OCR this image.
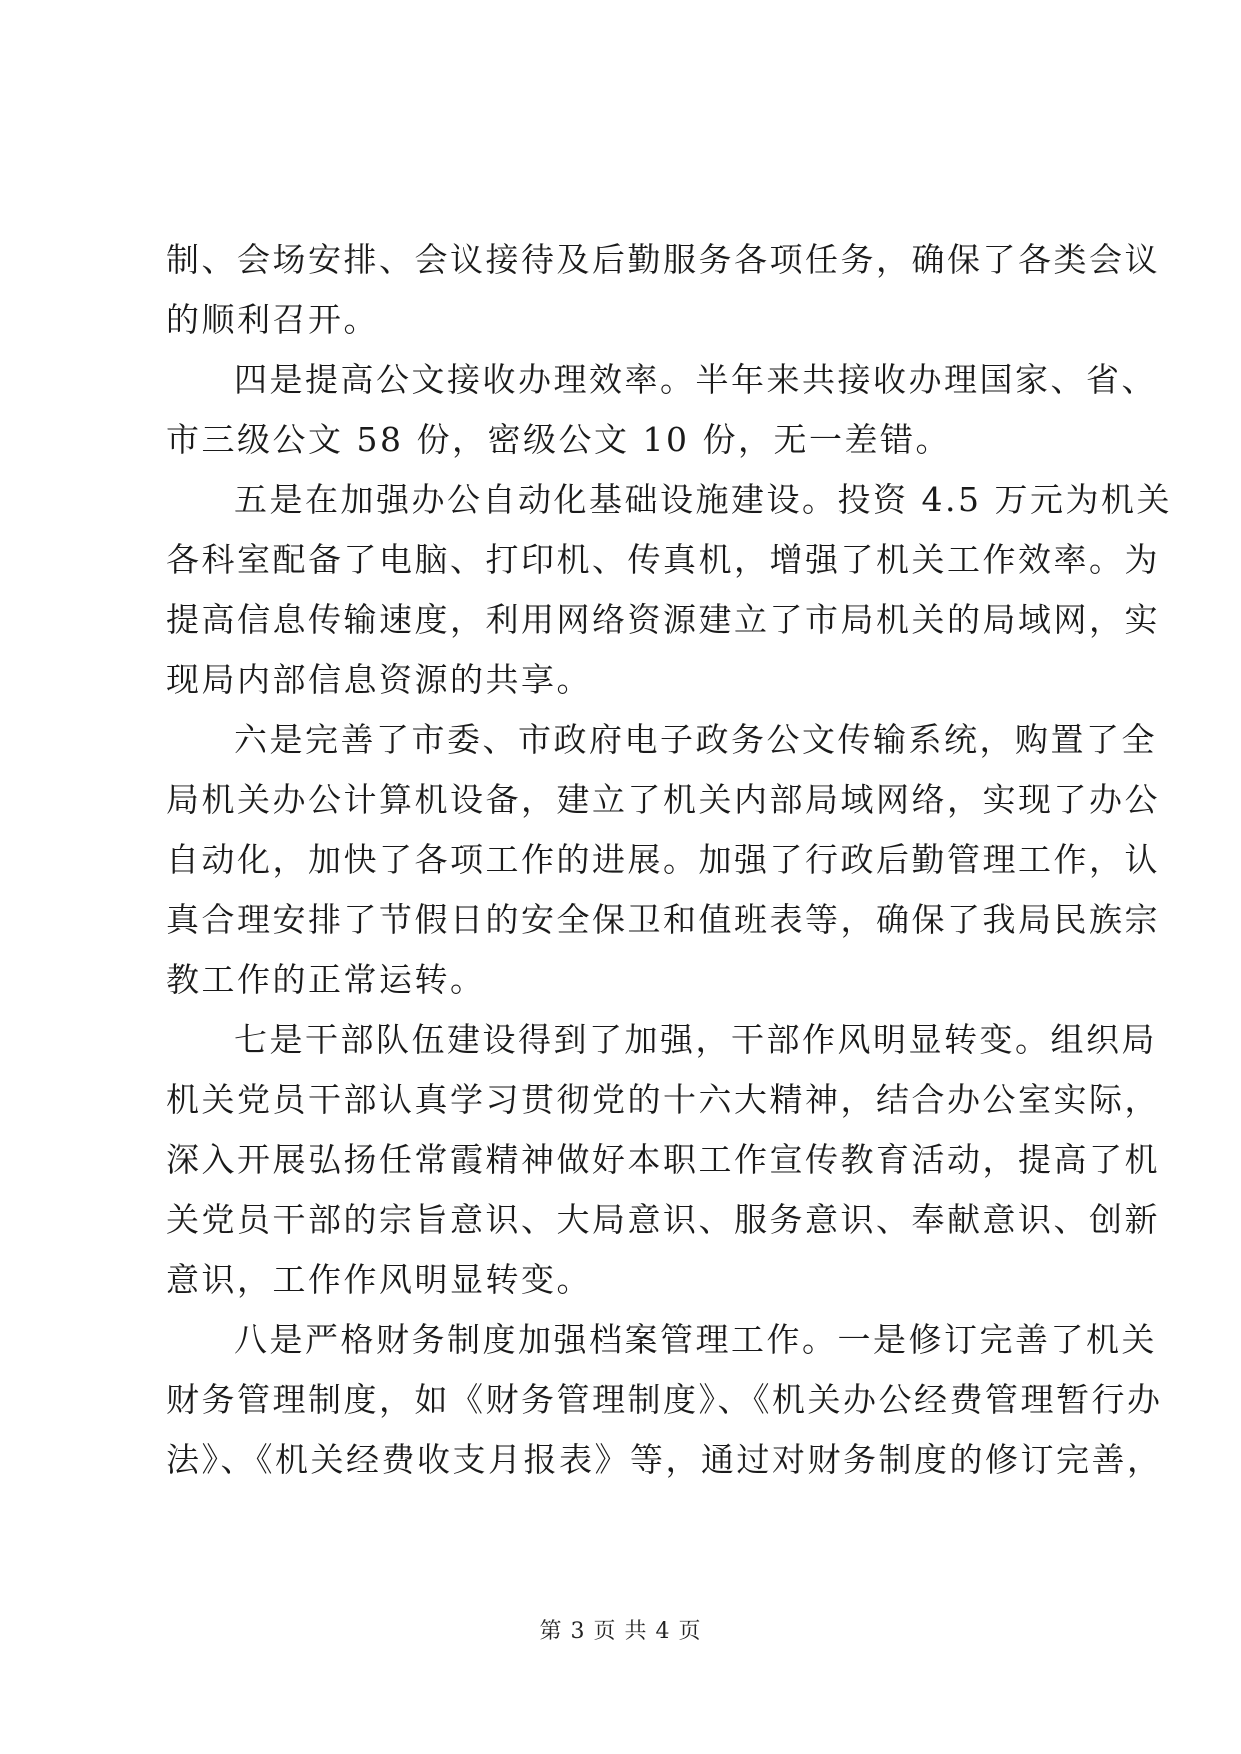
制、会场安排、会议接待及后勤服务各项任务，确保了各类会议
的顺利召开。
四是提高公文接收办理效率。半年来共接收办理国家、省、
市三级公文 58 份，密级公文 10 份，无一差错。
五是在加强办公自动化基础设施建设。投资 4.5 万元为机关
各科室配备了电脑、打印机、传真机，增强了机关工作效率。为
提高信息传输速度，利用网络资源建立了市局机关的局域网，实
现局内部信息资源的共享。
六是完善了市委、市政府电子政务公文传输系统，购置了全
局机关办公计算机设备，建立了机关内部局域网络，实现了办公
自动化，加快了各项工作的进展。加强了行政后勤管理工作，认
真合理安排了节假日的安全保卫和值班表等，确保了我局民族宗
教工作的正常运转。
七是干部队伍建设得到了加强，干部作风明显转变。组织局
机关党员干部认真学习贯彻党的十六大精神，结合办公室实际，
深入开展弘扬任常霞精神做好本职工作宣传教育活动，提高了机
关党员干部的宗旨意识、大局意识、服务意识、奉献意识、创新
意识，工作作风明显转变。
八是严格财务制度加强档案管理工作。一是修订完善了机关
财务管理制度，如《财务管理制度》、《机关办公经费管理暂行办
法》、《机关经费收支月报表》等，通过对财务制度的修订完善，
第 3 页 共 4 页
